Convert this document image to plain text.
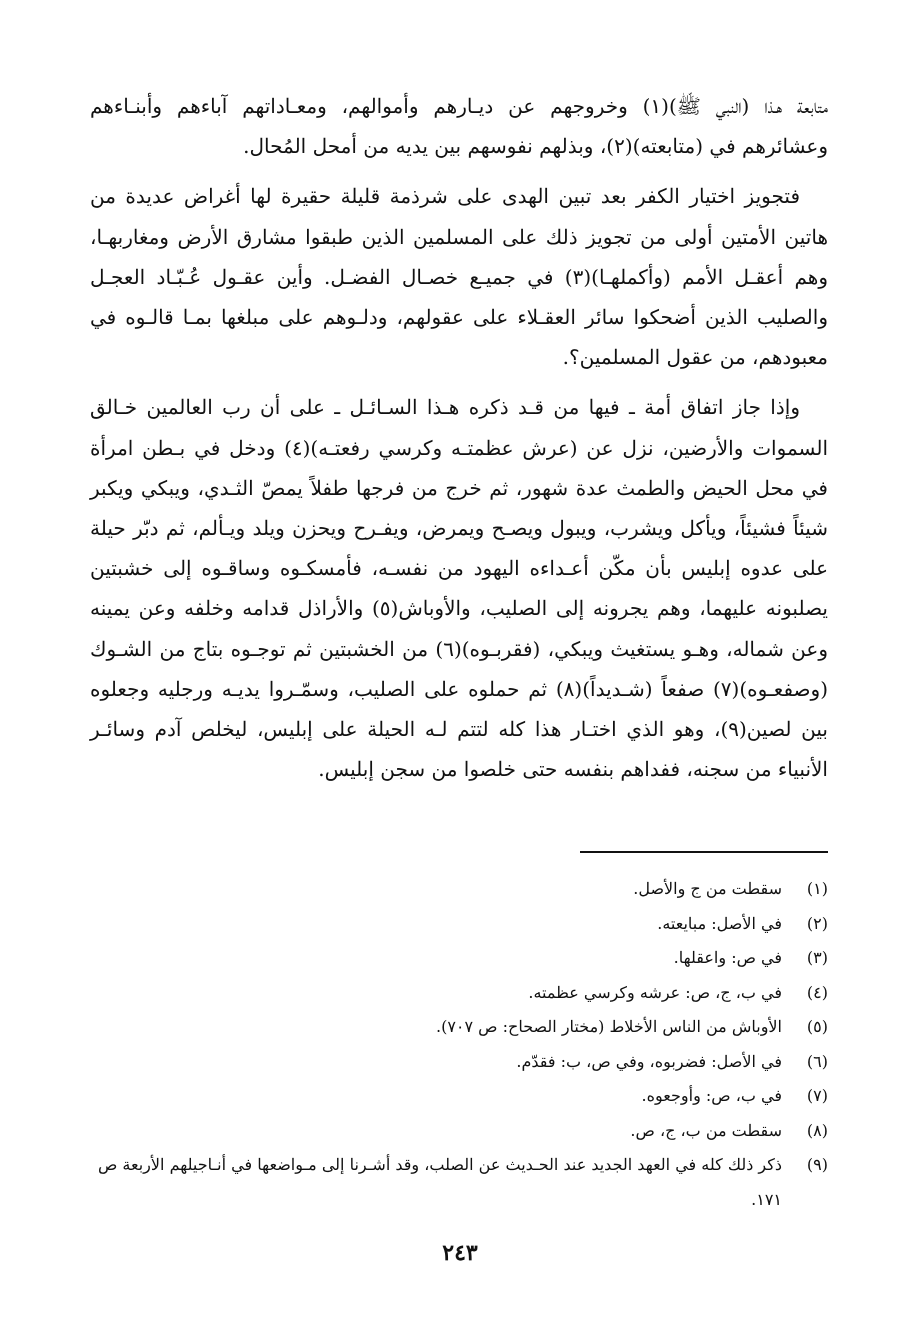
متابعة هـذا (النبي ﷺ)(١) وخروجهم عن ديـارهم وأموالهم، ومعـاداتهم آباءهم وأبنـاءهم وعشائرهم في (متابعته)(٢)، وبذلهم نفوسهم بين يديه من أمحل المُحال.

فتجويز اختيار الكفر بعد تبين الهدى على شرذمة قليلة حقيرة لها أغراض عديدة من هاتين الأمتين أولى من تجويز ذلك على المسلمين الذين طبقوا مشارق الأرض ومغاربهـا، وهم أعقـل الأمم (وأكملهـا)(٣) في جميـع خصـال الفضـل. وأين عقـول عُـبّـاد العجـل والصليب الذين أضحكوا سائر العقـلاء على عقولهم، ودلـوهم على مبلغها بمـا قالـوه في معبودهم، من عقول المسلمين؟.

وإذا جاز اتفاق أمة ـ فيها من قـد ذكره هـذا السـائـل ـ على أن رب العالمين خـالق السموات والأرضين، نزل عن (عرش عظمتـه وكرسي رفعتـه)(٤) ودخل في بـطن امرأة في محل الحيض والطمث عدة شهور، ثم خرج من فرجها طفلاً يمصّ الثـدي، ويبكي ويكبر شيئاً فشيئاً، ويأكل ويشرب، ويبول ويصـح ويمرض، ويفـرح ويحزن ويلد ويـألم، ثم دبّر حيلة على عدوه إبليس بأن مكّن أعـداءه اليهود من نفسـه، فأمسكـوه وساقـوه إلى خشبتين يصلبونه عليهما، وهم يجرونه إلى الصليب، والأوباش(٥) والأراذل قدامه وخلفه وعن يمينه وعن شماله، وهـو يستغيث ويبكي، (فقربـوه)(٦) من الخشبتين ثم توجـوه بتاج من الشـوك (وصفعـوه)(٧) صفعاً (شـديداً)(٨) ثم حملوه على الصليب، وسمّـروا يديـه ورجليه وجعلوه بين لصين(٩)، وهو الذي اختـار هذا كله لتتم لـه الحيلة على إبليس، ليخلص آدم وسائـر الأنبياء من سجنه، ففداهم بنفسه حتى خلصوا من سجن إبليس.

(١)
سقطت من ج والأصل.
(٢)
في الأصل: مبايعته.
(٣)
في ص: واعقلها.
(٤)
في ب، ج، ص: عرشه وكرسي عظمته.
(٥)
الأوباش من الناس الأخلاط (مختار الصحاح: ص ٧٠٧).
(٦)
في الأصل: فضربوه، وفي ص، ب: فقدّم.
(٧)
في ب، ص: وأوجعوه.
(٨)
سقطت من ب، ج، ص.
(٩)
ذكر ذلك كله في العهد الجديد عند الحـديث عن الصلب، وقد أشـرنا إلى مـواضعها في أنـاجيلهم الأربعة ص ١٧١.
٢٤٣
